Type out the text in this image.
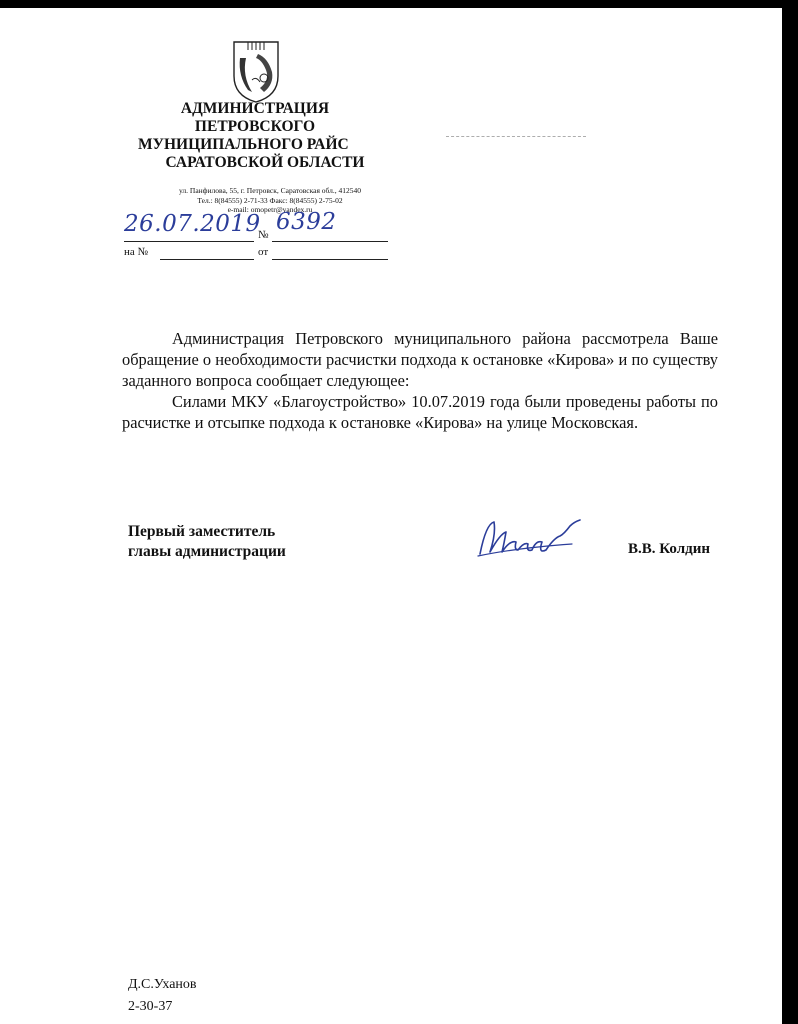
АДМИНИСТРАЦИЯ
ПЕТРОВСКОГО
МУНИЦИПАЛЬНОГО РАЙС
САРАТОВСКОЙ ОБЛАСТИ
ул. Панфилова, 55, г. Петровск, Саратовская обл., 412540
Тел.: 8(84555) 2-71-33 Факс: 8(84555) 2-75-02
e-mail: omopetr@yandex.ru
26.07.2019
№ 6392
на №	от

Администрация Петровского муниципального района рассмотрела Ваше обращение о необходимости расчистки подхода к остановке «Кирова» и по существу заданного вопроса сообщает следующее:

Силами МКУ «Благоустройство» 10.07.2019 года были проведены работы по расчистке и отсыпке подхода к остановке «Кирова» на улице Московская.

Первый заместитель
главы администрации	В.В. Колдин
Д.С.Уханов
2-30-37
